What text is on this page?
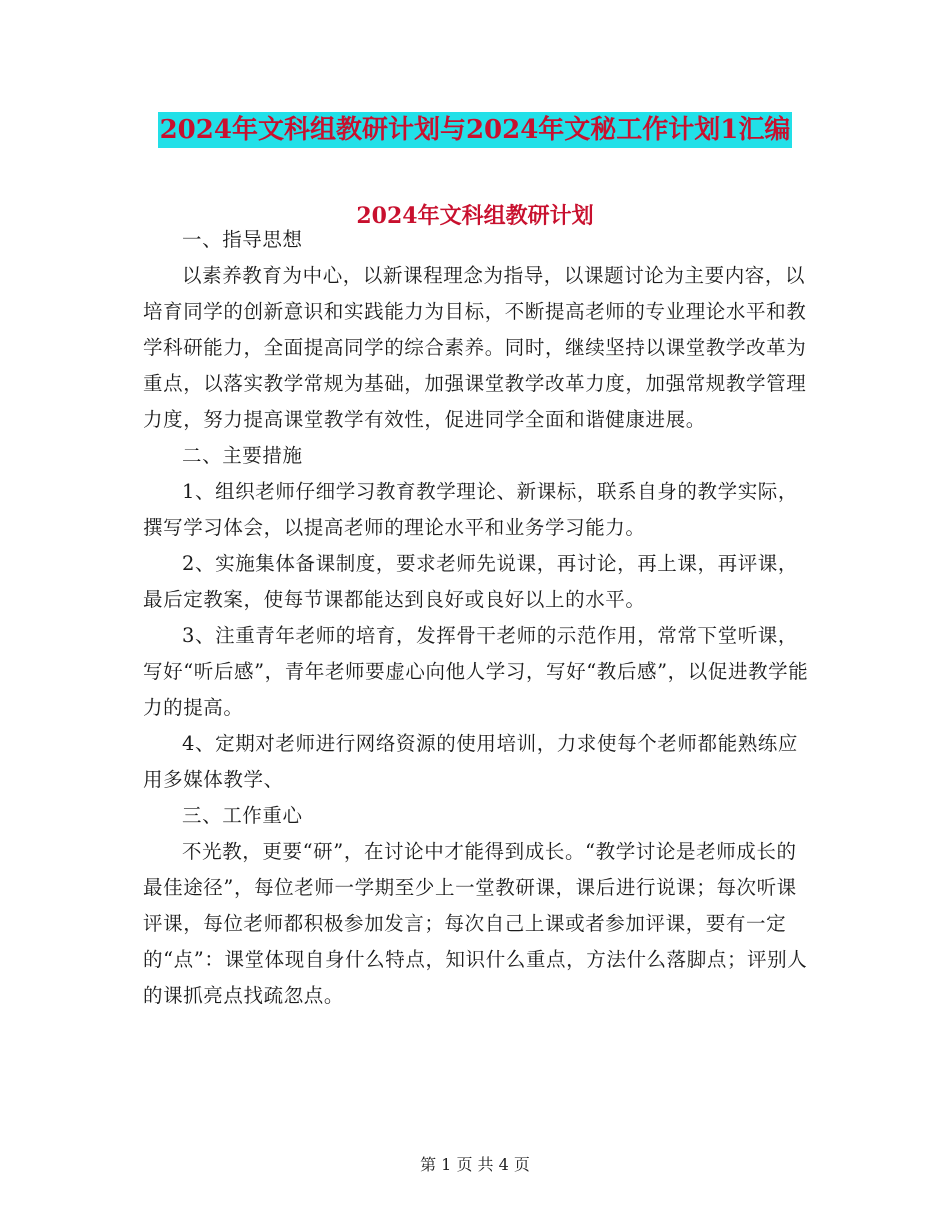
2024年文科组教研计划与2024年文秘工作计划1汇编
2024年文科组教研计划

一、指导思想

以素养教育为中心，以新课程理念为指导，以课题讨论为主要内容，以培育同学的创新意识和实践能力为目标，不断提高老师的专业理论水平和教学科研能力，全面提高同学的综合素养。同时，继续坚持以课堂教学改革为重点，以落实教学常规为基础，加强课堂教学改革力度，加强常规教学管理力度，努力提高课堂教学有效性，促进同学全面和谐健康进展。

二、主要措施

1、组织老师仔细学习教育教学理论、新课标，联系自身的教学实际，撰写学习体会，以提高老师的理论水平和业务学习能力。

2、实施集体备课制度，要求老师先说课，再讨论，再上课，再评课，最后定教案，使每节课都能达到良好或良好以上的水平。

3、注重青年老师的培育，发挥骨干老师的示范作用，常常下堂听课，写好“听后感”，青年老师要虚心向他人学习，写好“教后感”，以促进教学能力的提高。

4、定期对老师进行网络资源的使用培训，力求使每个老师都能熟练应用多媒体教学、

三、工作重心

不光教，更要“研”，在讨论中才能得到成长。“教学讨论是老师成长的最佳途径”，每位老师一学期至少上一堂教研课，课后进行说课；每次听课评课，每位老师都积极参加发言；每次自己上课或者参加评课，要有一定的“点”：课堂体现自身什么特点，知识什么重点，方法什么落脚点；评别人的课抓亮点找疏忽点。

第 1 页 共 4 页
